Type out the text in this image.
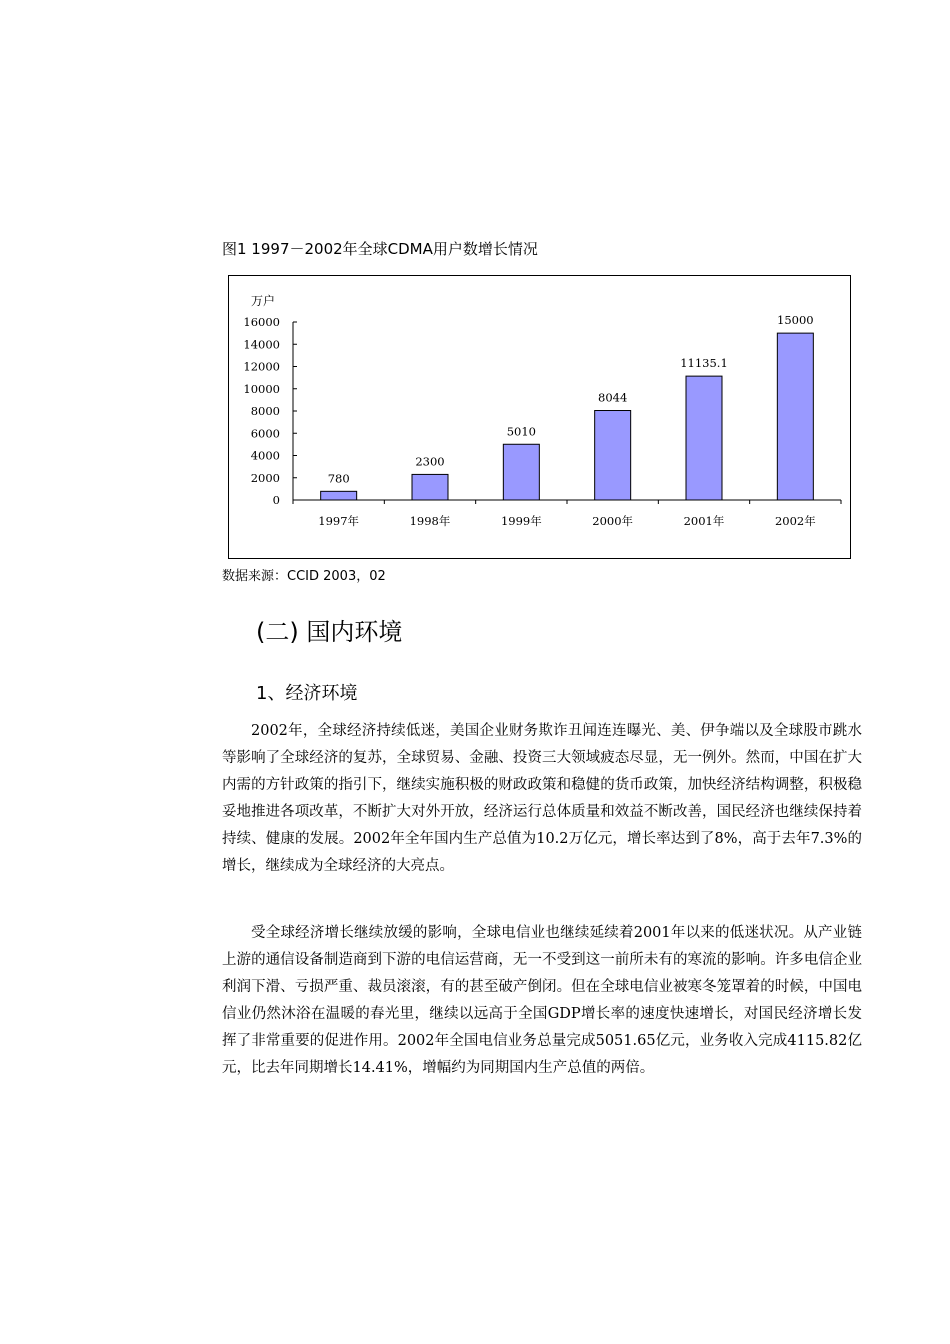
图1 1997－2002年全球CDMA用户数增长情况
万户
0
2000
4000
6000
8000
10000
12000
14000
16000
780
1997年
2300
1998年
5010
1999年
8044
2000年
11135.1
2001年
15000
2002年
数据来源：CCID 2003，02
(二) 国内环境
1、经济环境

2002年，全球经济持续低迷，美国企业财务欺诈丑闻连连曝光、美、伊争端以及全球股市跳水等影响了全球经济的复苏，全球贸易、金融、投资三大领域疲态尽显，无一例外。然而，中国在扩大内需的方针政策的指引下，继续实施积极的财政政策和稳健的货币政策，加快经济结构调整，积极稳妥地推进各项改革，不断扩大对外开放，经济运行总体质量和效益不断改善，国民经济也继续保持着持续、健康的发展。2002年全年国内生产总值为10.2万亿元，增长率达到了8%，高于去年7.3%的增长，继续成为全球经济的大亮点。

受全球经济增长继续放缓的影响，全球电信业也继续延续着2001年以来的低迷状况。从产业链上游的通信设备制造商到下游的电信运营商，无一不受到这一前所未有的寒流的影响。许多电信企业利润下滑、亏损严重、裁员滚滚，有的甚至破产倒闭。但在全球电信业被寒冬笼罩着的时候，中国电信业仍然沐浴在温暖的春光里，继续以远高于全国GDP增长率的速度快速增长，对国民经济增长发挥了非常重要的促进作用。2002年全国电信业务总量完成5051.65亿元，业务收入完成4115.82亿元，比去年同期增长14.41%，增幅约为同期国内生产总值的两倍。
